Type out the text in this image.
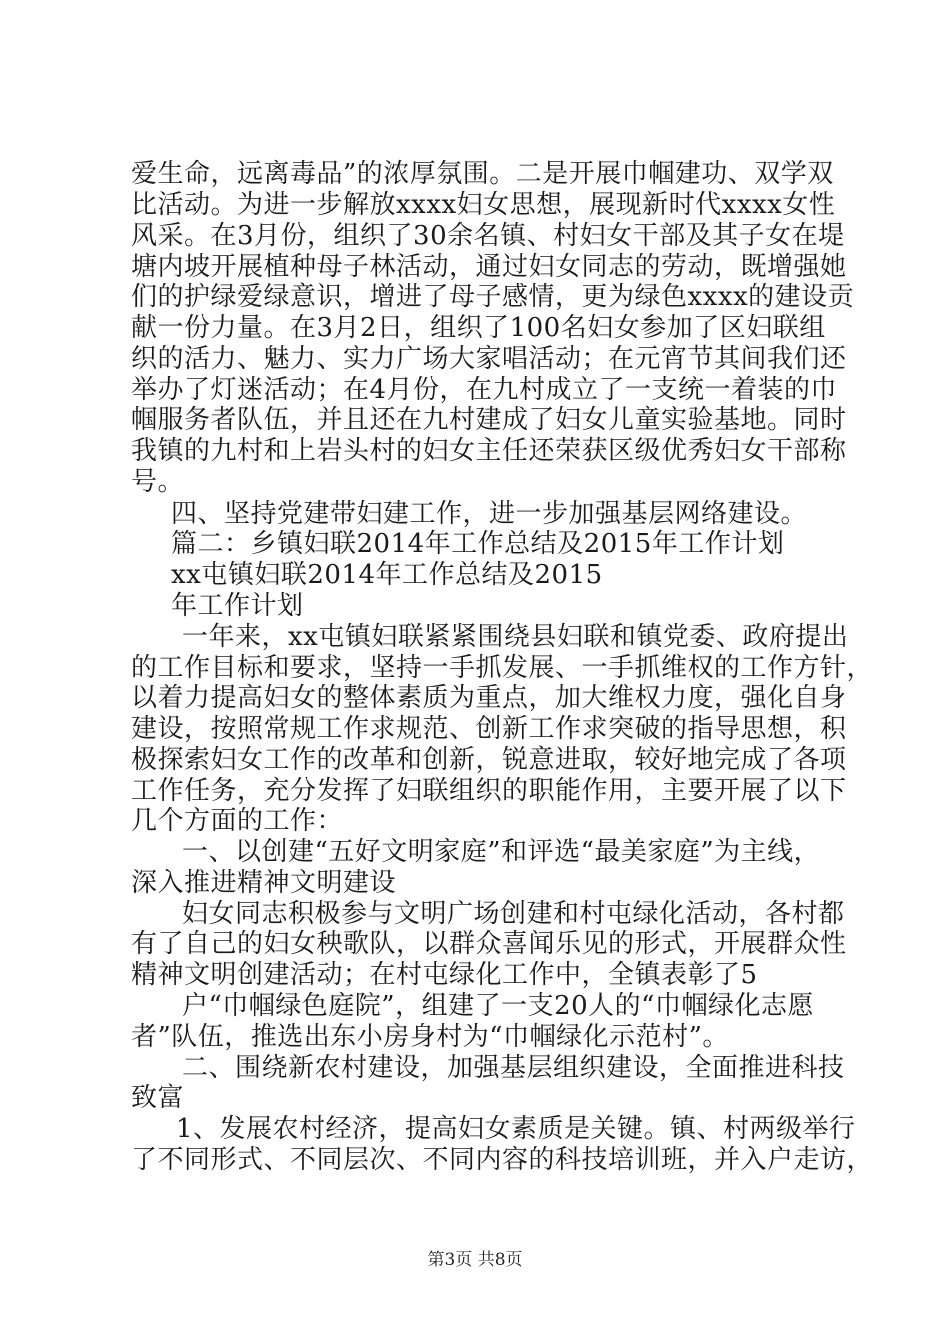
爱生命，远离毒品”的浓厚氛围。二是开展巾帼建功、双学双
比活动。为进一步解放xxxx妇女思想，展现新时代xxxx女性
风采。在3月份，组织了30余名镇、村妇女干部及其子女在堤
塘内坡开展植种母子林活动，通过妇女同志的劳动，既增强她
们的护绿爱绿意识，增进了母子感情，更为绿色xxxx的建设贡
献一份力量。在3月2日，组织了100名妇女参加了区妇联组
织的活力、魅力、实力广场大家唱活动；在元宵节其间我们还
举办了灯迷活动；在4月份，在九村成立了一支统一着装的巾
帼服务者队伍，并且还在九村建成了妇女儿童实验基地。同时
我镇的九村和上岩头村的妇女主任还荣获区级优秀妇女干部称
号。
四、坚持党建带妇建工作，进一步加强基层网络建设。
篇二：乡镇妇联2014年工作总结及2015年工作计划
xx屯镇妇联2014年工作总结及2015
年工作计划
一年来，xx屯镇妇联紧紧围绕县妇联和镇党委、政府提出
的工作目标和要求，坚持一手抓发展、一手抓维权的工作方针，
以着力提高妇女的整体素质为重点，加大维权力度，强化自身
建设，按照常规工作求规范、创新工作求突破的指导思想，积
极探索妇女工作的改革和创新，锐意进取，较好地完成了各项
工作任务，充分发挥了妇联组织的职能作用，主要开展了以下
几个方面的工作：
一、以创建“五好文明家庭”和评选“最美家庭”为主线，
深入推进精神文明建设
妇女同志积极参与文明广场创建和村屯绿化活动，各村都
有了自己的妇女秧歌队，以群众喜闻乐见的形式，开展群众性
精神文明创建活动；在村屯绿化工作中，全镇表彰了5
户“巾帼绿色庭院”，组建了一支20人的“巾帼绿化志愿
者”队伍，推选出东小房身村为“巾帼绿化示范村”。
二、围绕新农村建设，加强基层组织建设，全面推进科技
致富
1、发展农村经济，提高妇女素质是关键。镇、村两级举行
了不同形式、不同层次、不同内容的科技培训班，并入户走访，
第3页 共8页
